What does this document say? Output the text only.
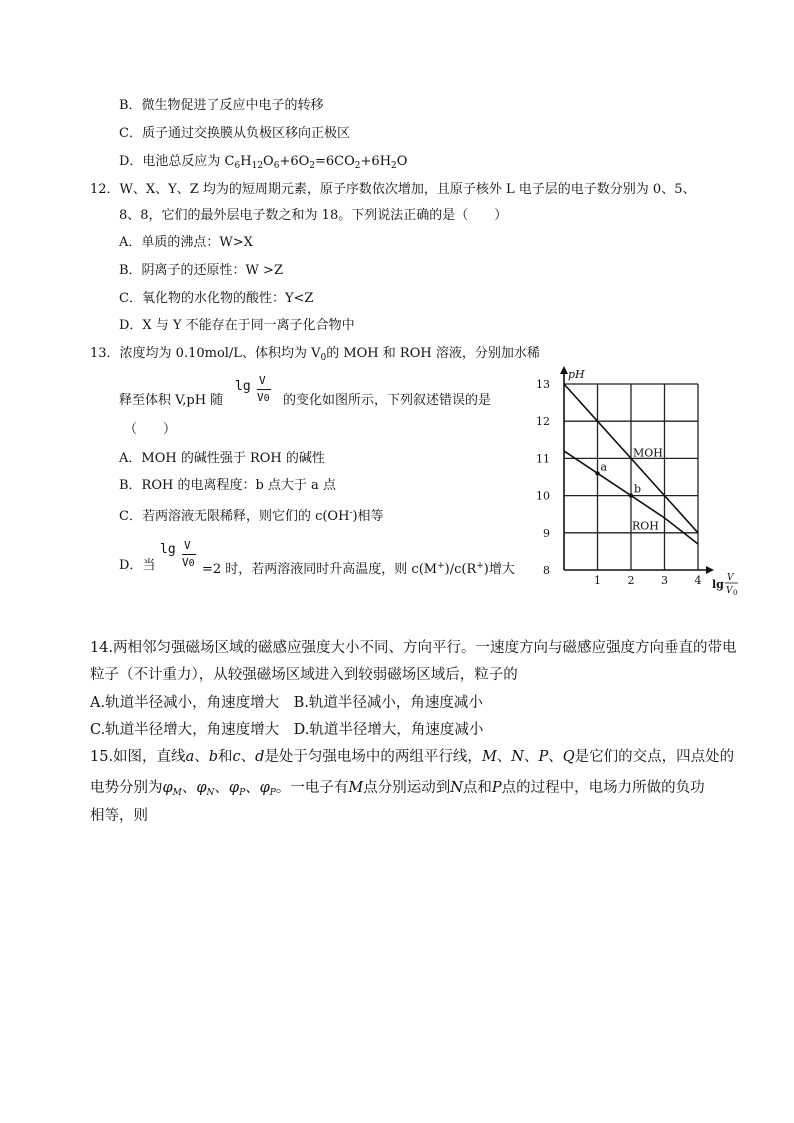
B．微生物促进了反应中电子的转移
C．质子通过交换膜从负极区移向正极区
D．电池总反应为 $C_6H_{12}O_6+6O_2=6CO_2+6H_2O$
12．W、X、Y、Z 均为的短周期元素，原子序数依次增加，且原子核外 L 电子层的电子数分别为 0、5、
8、8，它们的最外层电子数之和为 18。下列说法正确的是（　　）
A．单质的沸点：W>X
B．阴离子的还原性：W >Z
C．氧化物的水化物的酸性：Y<Z
D．X 与 Y 不能存在于同一离子化合物中
13．浓度均为 0.10mol/L、体积均为 $V_0$的 MOH 和 ROH 溶液，分别加水稀
释至体积 V,pH 随
lg V
V0 的变化如图所示，下列叙述错误的是
（　　）
A．MOH 的碱性强于 ROH 的碱性
B．ROH 的电离程度：b 点大于 a 点
C．若两溶液无限稀释，则它们的 c(OH-)相等
D．当
lg V
V0 =2 时，若两溶液同时升高温度，则 c(M+)/c(R+)增大	8
9
10
11
12
13
1 2 3 4
pH
lg V
V 0
MOH
ROH
a
b
14.两相邻匀强磁场区域的磁感应强度大小不同、方向平行。一速度方向与磁感应强度方向垂直的带电
粒子（不计重力），从较强磁场区域进入到较弱磁场区域后，粒子的
A.轨道半径减小，角速度增大　B.轨道半径减小，角速度减小
C.轨道半径增大，角速度增大　D.轨道半径增大，角速度减小
15.如图，直线a、b和c、d是处于匀强电场中的两组平行线，M、N、P、Q是它们的交点，四点处的
电势分别为$\varphi_M$、$\varphi_N$、$\varphi_P$、$\varphi_P$。一电子有M点分别运动到N点和P点的过程中，电场力所做的负功
相等，则
